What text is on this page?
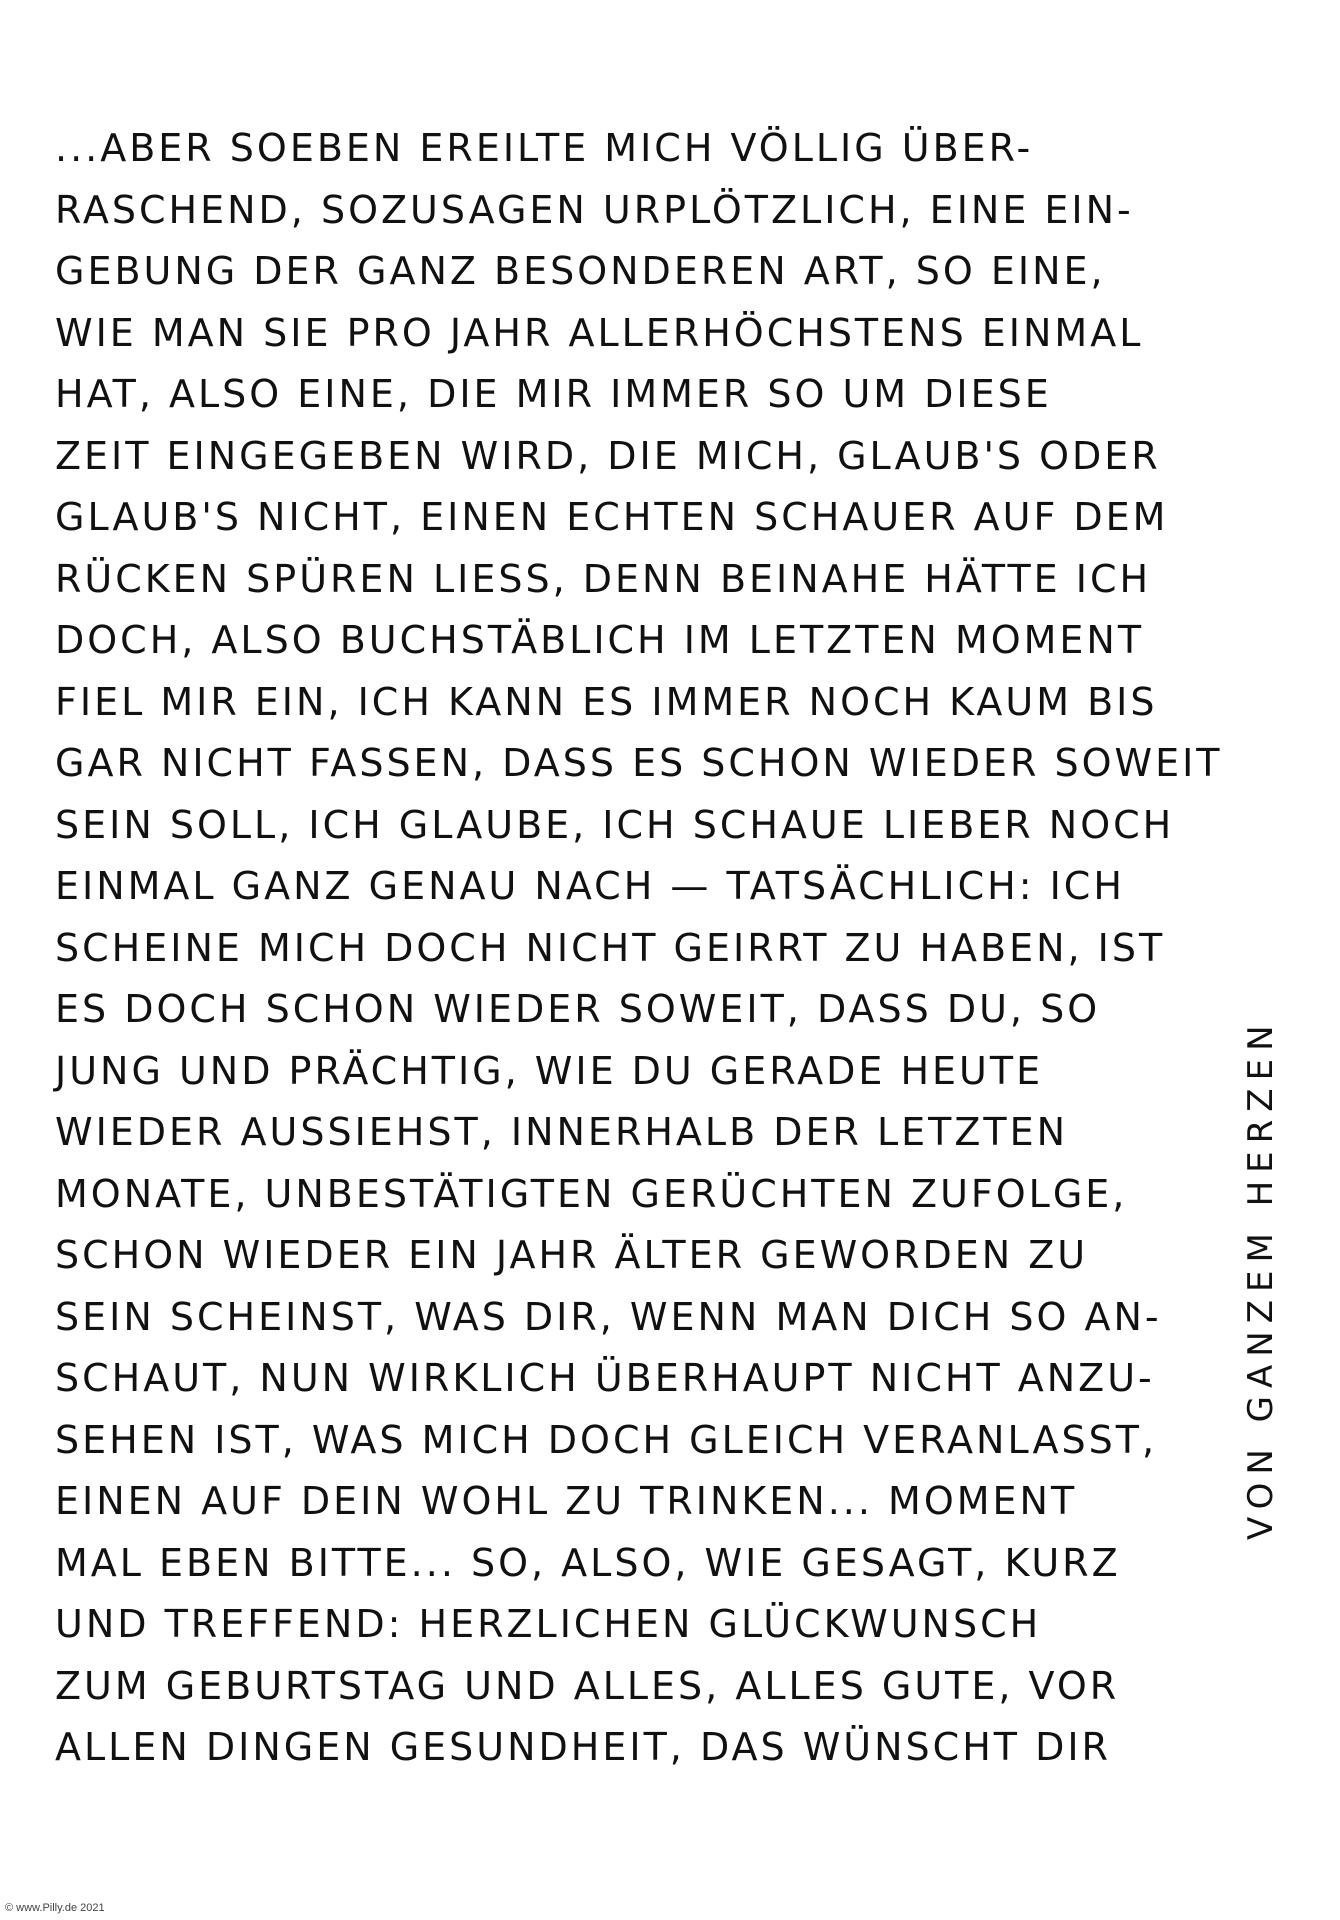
...ABER SOEBEN EREILTE MICH VÖLLIG ÜBER-
RASCHEND, SOZUSAGEN URPLÖTZLICH, EINE EIN-
GEBUNG DER GANZ BESONDEREN ART, SO EINE,
WIE MAN SIE PRO JAHR ALLERHÖCHSTENS EINMAL
HAT, ALSO EINE, DIE MIR IMMER SO UM DIESE
ZEIT EINGEGEBEN WIRD, DIE MICH, GLAUB'S ODER
GLAUB'S NICHT, EINEN ECHTEN SCHAUER AUF DEM
RÜCKEN SPÜREN LIESS, DENN BEINAHE HÄTTE ICH
DOCH, ALSO BUCHSTÄBLICH IM LETZTEN MOMENT
FIEL MIR EIN, ICH KANN ES IMMER NOCH KAUM BIS
GAR NICHT FASSEN, DASS ES SCHON WIEDER SOWEIT
SEIN SOLL, ICH GLAUBE, ICH SCHAUE LIEBER NOCH
EINMAL GANZ GENAU NACH — TATSÄCHLICH: ICH
SCHEINE MICH DOCH NICHT GEIRRT ZU HABEN, IST
ES DOCH SCHON WIEDER SOWEIT, DASS DU, SO
JUNG UND PRÄCHTIG, WIE DU GERADE HEUTE
WIEDER AUSSIEHST, INNERHALB DER LETZTEN
MONATE, UNBESTÄTIGTEN GERÜCHTEN ZUFOLGE,
SCHON WIEDER EIN JAHR ÄLTER GEWORDEN ZU
SEIN SCHEINST, WAS DIR, WENN MAN DICH SO AN-
SCHAUT, NUN WIRKLICH ÜBERHAUPT NICHT ANZU-
SEHEN IST, WAS MICH DOCH GLEICH VERANLASST,
EINEN AUF DEIN WOHL ZU TRINKEN... MOMENT
MAL EBEN BITTE... SO, ALSO, WIE GESAGT, KURZ
UND TREFFEND: HERZLICHEN GLÜCKWUNSCH
ZUM GEBURTSTAG UND ALLES, ALLES GUTE, VOR
ALLEN DINGEN GESUNDHEIT, DAS WÜNSCHT DIR
VON GANZEM HERZEN
© www.Pilly.de 2021
